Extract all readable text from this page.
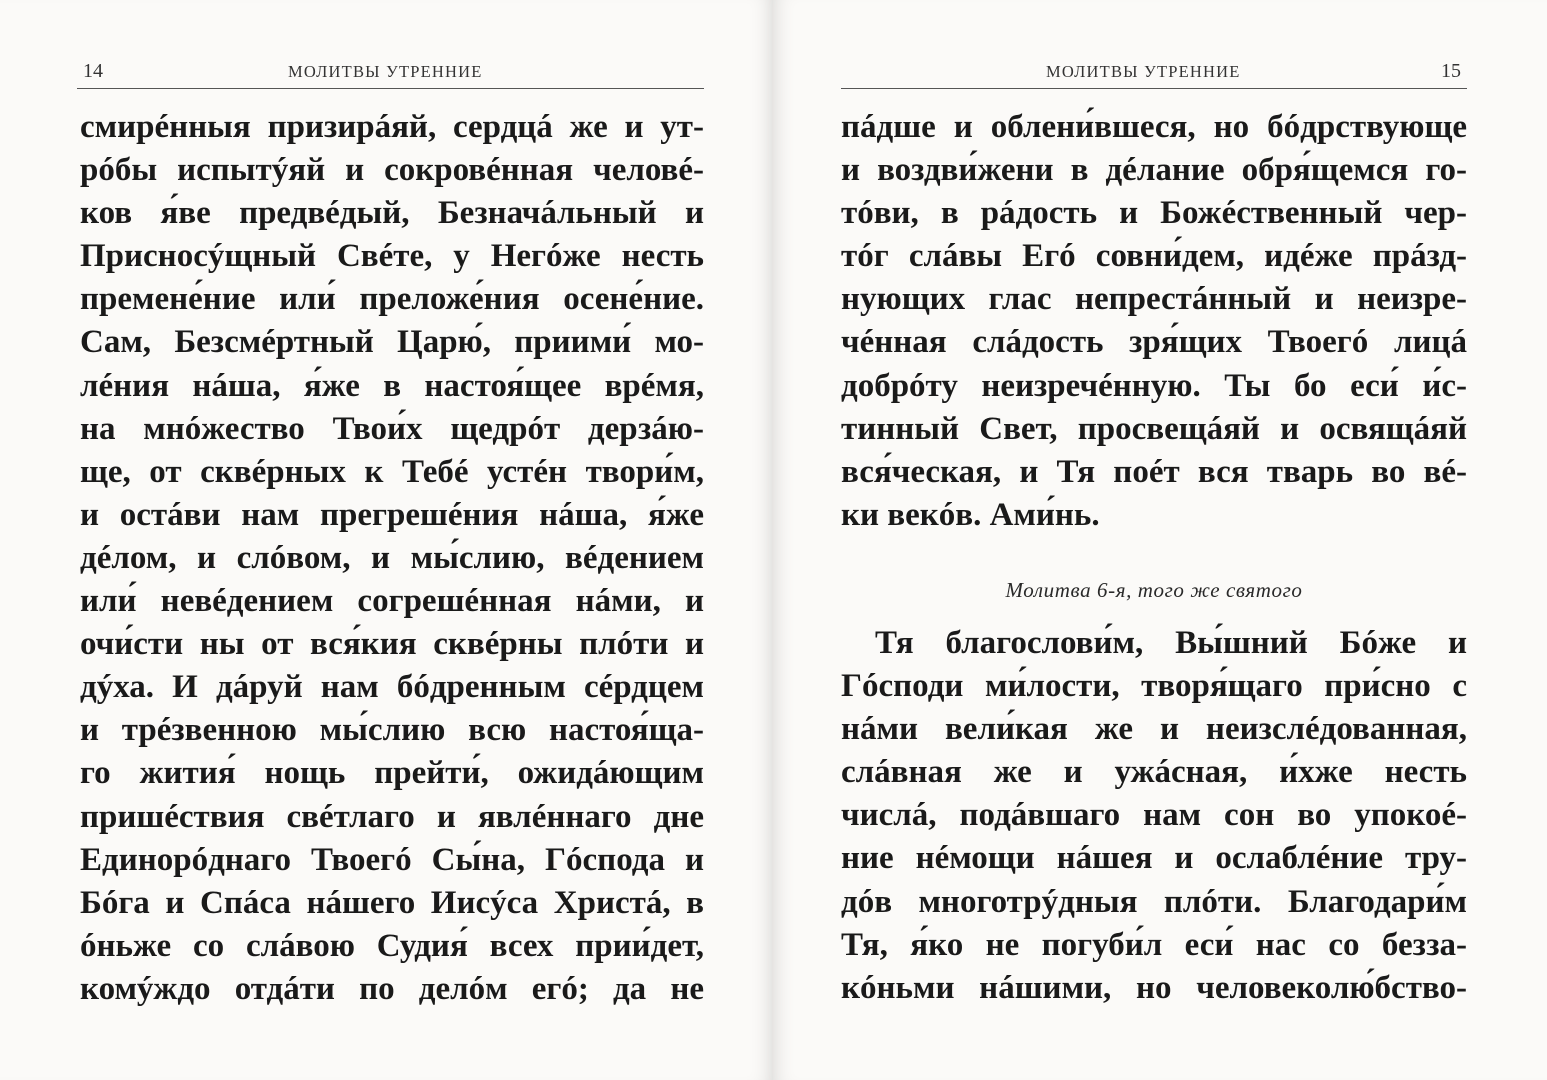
14	МОЛИТВЫ УТРЕННИЕ
смирéнныя призирáяй, сердцá же и ут-
рóбы испытýяй и сокровéнная человé-
ков я́ве предвéдый, Безначáльный и
Присносýщный Свéте, у Негóже несть
премене́ние или́ преложе́ния осене́ние.
Сам, Безсмéртный Царю́, приими́ мо-
лéния нáша, я́же в настоя́щее врéмя,
на мнóжество Твои́х щедрóт дерзáю-
ще, от сквéрных к Тебé устéн твори́м,
и остáви нам прегрешéния нáша, я́же
дéлом, и слóвом, и мы́слию, вéдением
или́ невéдением согрешéнная нáми, и
очи́сти ны от вся́кия сквéрны плóти и
дýха. И дáруй нам бóдренным сéрдцем
и трéзвенною мы́слию всю настоя́ща-
го жития́ нощь прейти́, ожидáющим
пришéствия свéтлаго и явлéннаго дне
Единорóднаго Твоегó Сы́на, Гóспода и
Бóга и Спáса нáшего Иисýса Христá, в
óньже со слáвою Судия́ всех прии́дет,
комýждо отдáти по делóм егó; да не
МОЛИТВЫ УТРЕННИЕ	15
пáдше и облени́вшеся, но бóдрствующе
и воздви́жени в дéлание обря́щемся го-
тóви, в рáдость и Божéственный чер-
тóг слáвы Егó совни́дем, идéже прáзд-
нующих глас непрестáнный и неизре-
чéнная слáдость зря́щих Твоегó лицá
добрóту неизречéнную. Ты бо еси́ и́с-
тинный Свет, просвещáяй и освящáяй
вся́ческая, и Тя поéт вся тварь во вé-
ки векóв. Ами́нь.
Молитва 6-я, того же святого
Тя благослови́м, Вы́шний Бóже и
Гóсподи ми́лости, творя́щаго при́сно с
нáми вели́кая же и неизслéдованная,
слáвная же и ужáсная, и́хже несть
числá, подáвшаго нам сон во упокоé-
ние нéмощи нáшея и ослаблéние тру-
дóв многотрýдныя плóти. Благодари́м
Тя, я́ко не погуби́л еси́ нас со безза-
кóньми нáшими, но человеколю́бство-
